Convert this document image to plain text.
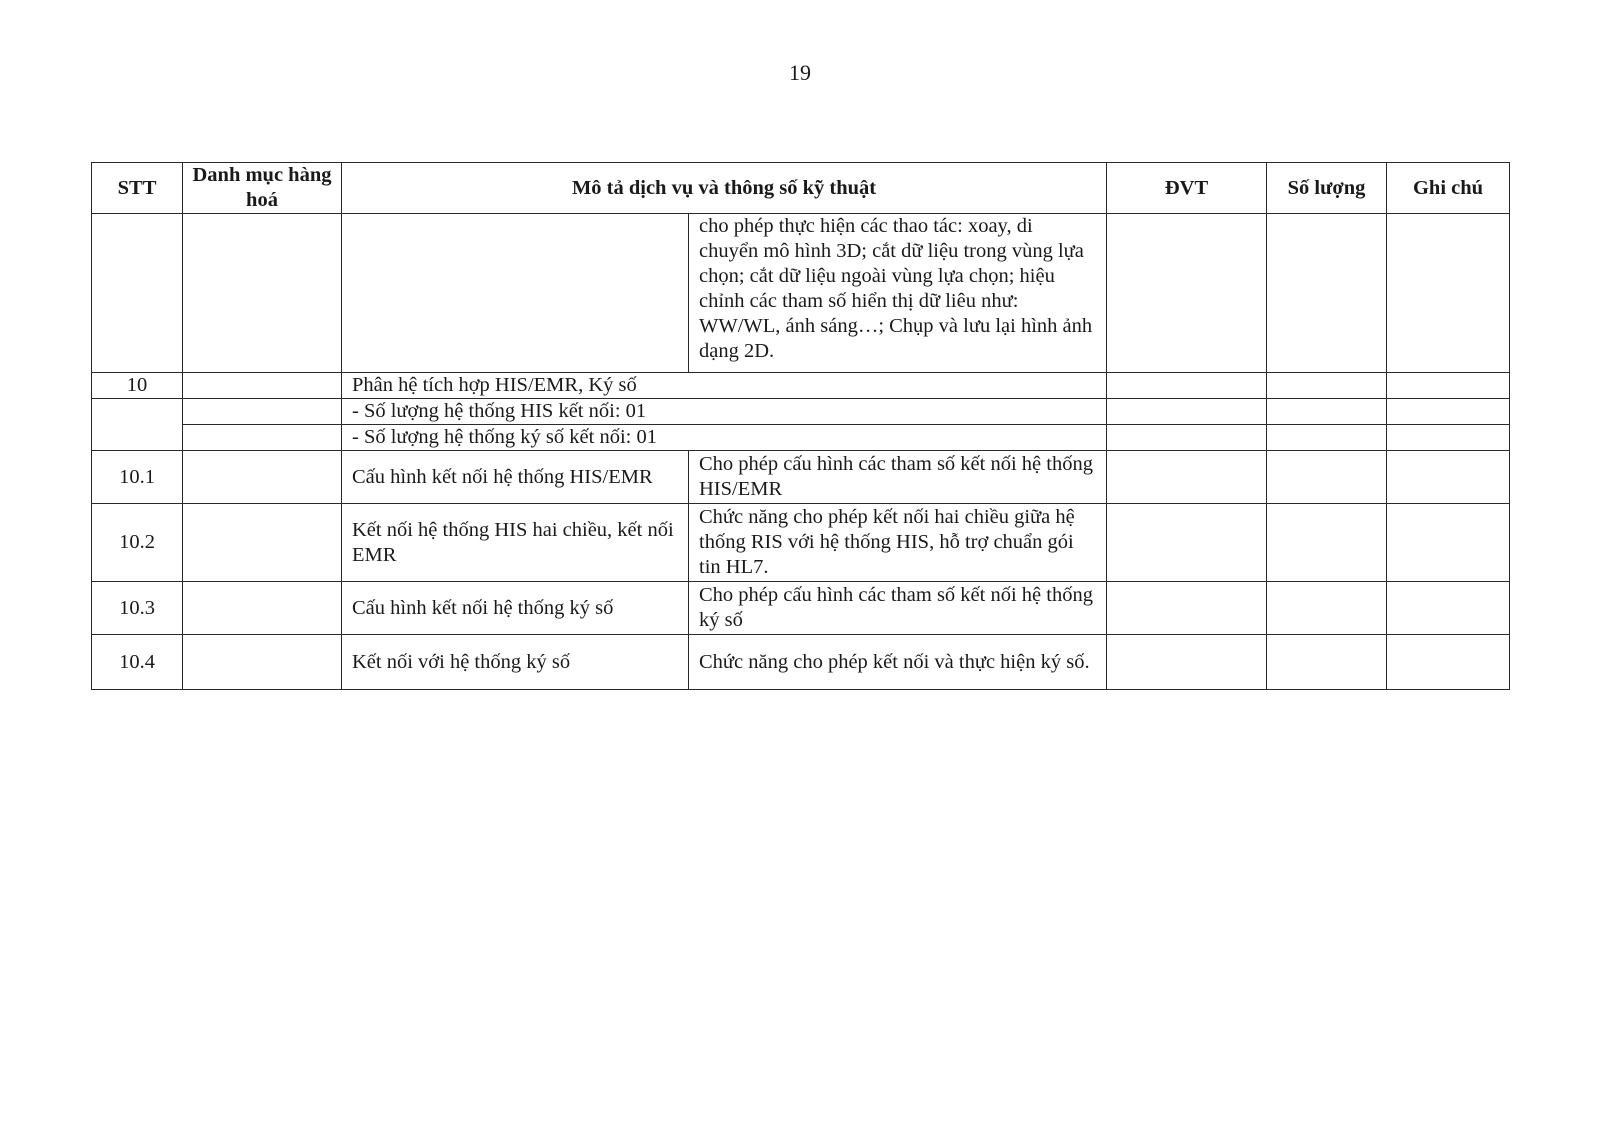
19
STT	Danh mục hàng hoá	Mô tả dịch vụ và thông số kỹ thuật		ĐVT	Số lượng	Ghi chú
			cho phép thực hiện các thao tác: xoay, di chuyển mô hình 3D; cắt dữ liệu trong vùng lựa chọn; cắt dữ liệu ngoài vùng lựa chọn; hiệu chỉnh các tham số hiển thị dữ liêu như: WW/WL, ánh sáng…; Chụp và lưu lại hình ảnh dạng 2D.			
10		Phân hệ tích hợp HIS/EMR, Ký số				
		- Số lượng hệ thống HIS kết nối: 01				
		- Số lượng hệ thống ký số kết nối: 01				
10.1		Cấu hình kết nối hệ thống HIS/EMR	Cho phép cấu hình các tham số kết nối hệ thống HIS/EMR			
10.2		Kết nối hệ thống HIS hai chiều, kết nối EMR	Chức năng cho phép kết nối hai chiều giữa hệ thống RIS với hệ thống HIS, hỗ trợ chuẩn gói tin HL7.			
10.3		Cấu hình kết nối hệ thống ký số	Cho phép cấu hình các tham số kết nối hệ thống ký số			
10.4		Kết nối với hệ thống ký số	Chức năng cho phép kết nối và thực hiện ký số.			
